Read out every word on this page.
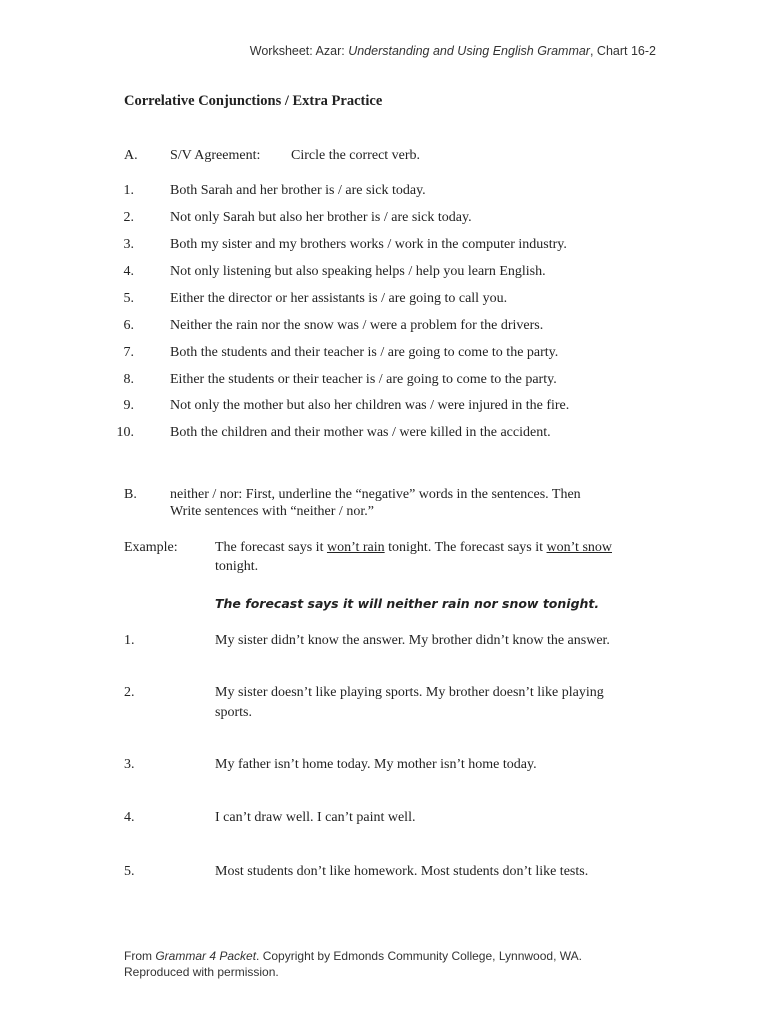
Worksheet: Azar: Understanding and Using English Grammar, Chart 16-2
Correlative Conjunctions / Extra Practice
A. S/V Agreement: Circle the correct verb.
1.	Both Sarah and her brother is / are sick today.
2.	Not only Sarah but also her brother is / are sick today.
3.	Both my sister and my brothers works / work in the computer industry.
4.	Not only listening but also speaking helps / help you learn English.
5.	Either the director or her assistants is / are going to call you.
6.	Neither the rain nor the snow was / were a problem for the drivers.
7.	Both the students and their teacher is / are going to come to the party.
8.	Either the students or their teacher is / are going to come to the party.
9.	Not only the mother but also her children was / were injured in the fire.
10.	Both the children and their mother was / were killed in the accident.
B. neither / nor: First, underline the “negative” words in the sentences. Then
Write sentences with “neither / nor.”
Example:	The forecast says it won’t rain tonight. The forecast says it won’t snow
tonight.
The forecast says it will neither rain nor snow tonight.
1.	My sister didn’t know the answer. My brother didn’t know the answer.
2.	My sister doesn’t like playing sports. My brother doesn’t like playing
sports.
3.	My father isn’t home today. My mother isn’t home today.
4.	I can’t draw well. I can’t paint well.
5.	Most students don’t like homework. Most students don’t like tests.
From Grammar 4 Packet. Copyright by Edmonds Community College, Lynnwood, WA.
Reproduced with permission.
